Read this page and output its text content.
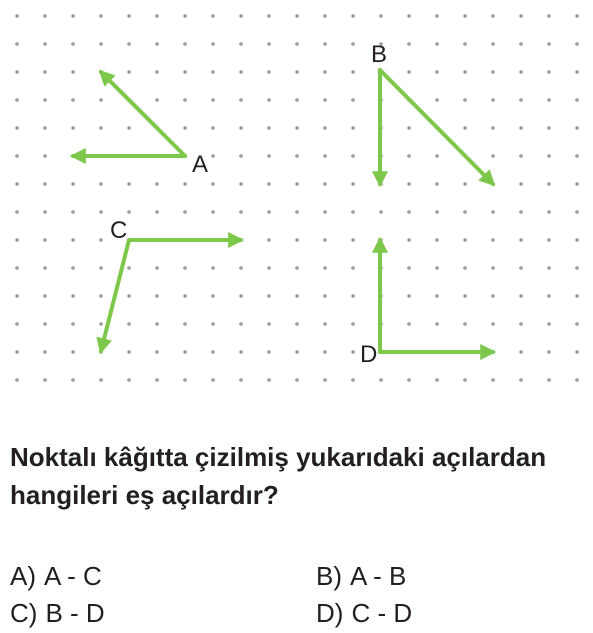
A
B
C
D
Noktalı kâğıtta çizilmiş yukarıdaki açılardan
hangileri eş açılardır?
A) A - C	B) A - B
C) B - D	D) C - D
